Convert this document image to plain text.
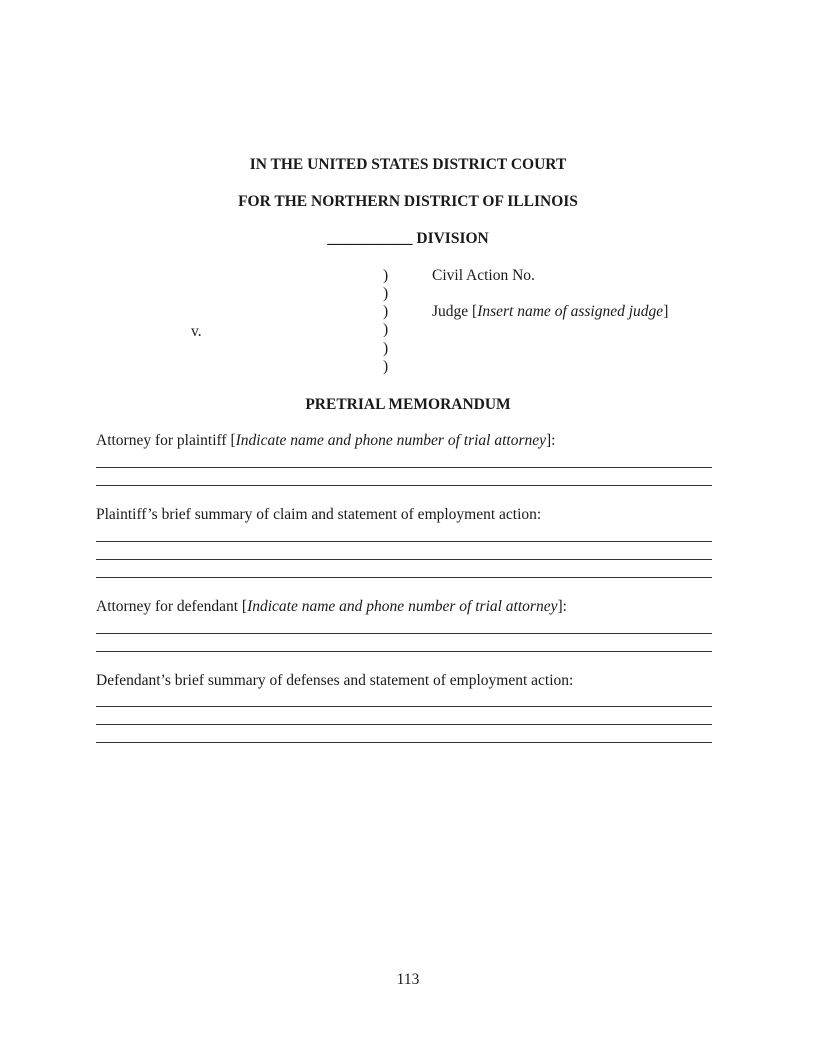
IN THE UNITED STATES DISTRICT COURT
FOR THE NORTHERN DISTRICT OF ILLINOIS
___________ DIVISION
)
)
)
)
)
)
v.
Civil Action No.
Judge [Insert name of assigned judge]
PRETRIAL MEMORANDUM
Attorney for plaintiff [Indicate name and phone number of trial attorney]:
Plaintiff’s brief summary of claim and statement of employment action:
Attorney for defendant [Indicate name and phone number of trial attorney]:
Defendant’s brief summary of defenses and statement of employment action:
113
